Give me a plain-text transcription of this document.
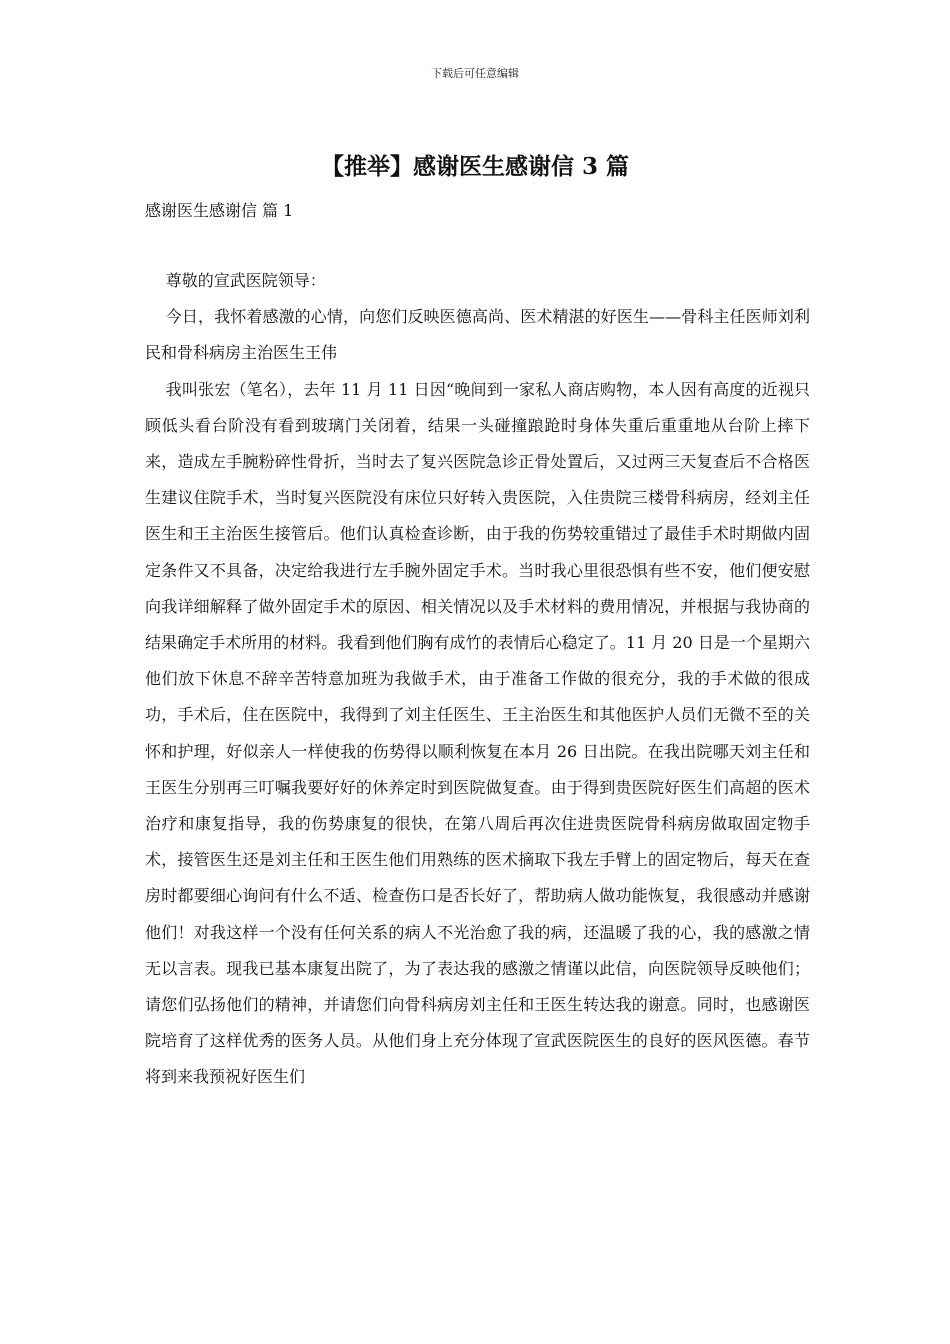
下载后可任意编辑
【推举】感谢医生感谢信 3 篇
感谢医生感谢信 篇 1

尊敬的宣武医院领导：

今日，我怀着感激的心情，向您们反映医德高尚、医术精湛的好医生——骨科主任医师刘利民和骨科病房主治医生王伟

我叫张宏（笔名），去年 11 月 11 日因“晚间到一家私人商店购物，本人因有高度的近视只顾低头看台阶没有看到玻璃门关闭着，结果一头碰撞踉跄时身体失重后重重地从台阶上摔下来，造成左手腕粉碎性骨折，当时去了复兴医院急诊正骨处置后，又过两三天复查后不合格医生建议住院手术，当时复兴医院没有床位只好转入贵医院，入住贵院三楼骨科病房，经刘主任医生和王主治医生接管后。他们认真检查诊断，由于我的伤势较重错过了最佳手术时期做内固定条件又不具备，决定给我进行左手腕外固定手术。当时我心里很恐惧有些不安，他们便安慰向我详细解释了做外固定手术的原因、相关情况以及手术材料的费用情况，并根据与我协商的结果确定手术所用的材料。我看到他们胸有成竹的表情后心稳定了。11 月 20 日是一个星期六他们放下休息不辞辛苦特意加班为我做手术，由于准备工作做的很充分，我的手术做的很成功，手术后，住在医院中，我得到了刘主任医生、王主治医生和其他医护人员们无微不至的关怀和护理，好似亲人一样使我的伤势得以顺利恢复在本月 26 日出院。在我出院哪天刘主任和王医生分别再三叮嘱我要好好的休养定时到医院做复查。由于得到贵医院好医生们高超的医术治疗和康复指导，我的伤势康复的很快，在第八周后再次住进贵医院骨科病房做取固定物手术，接管医生还是刘主任和王医生他们用熟练的医术摘取下我左手臂上的固定物后，每天在查房时都要细心询问有什么不适、检查伤口是否长好了，帮助病人做功能恢复，我很感动并感谢他们！对我这样一个没有任何关系的病人不光治愈了我的病，还温暖了我的心，我的感激之情无以言表。现我已基本康复出院了，为了表达我的感激之情谨以此信，向医院领导反映他们；请您们弘扬他们的精神，并请您们向骨科病房刘主任和王医生转达我的谢意。同时，也感谢医院培育了这样优秀的医务人员。从他们身上充分体现了宣武医院医生的良好的医风医德。春节将到来我预祝好医生们
